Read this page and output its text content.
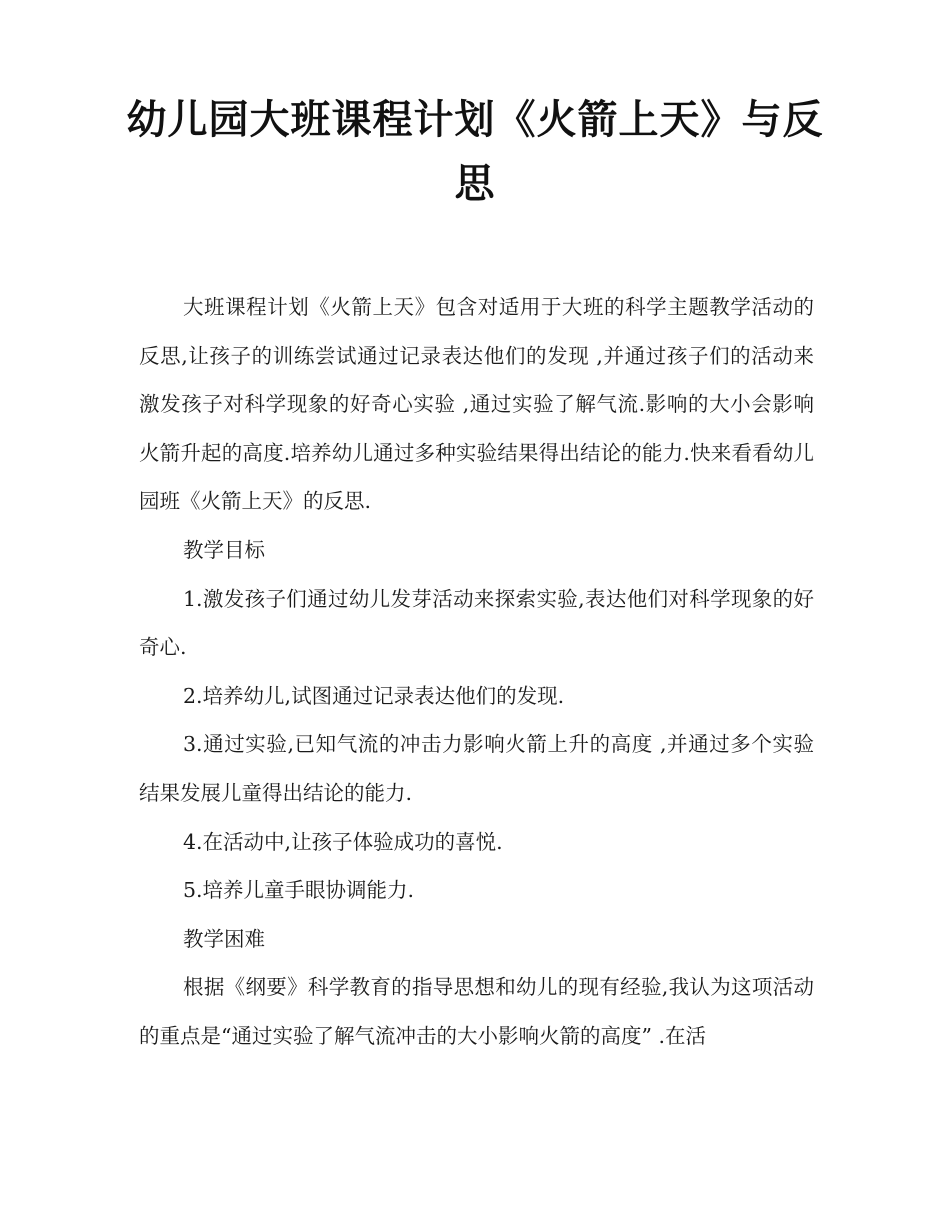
幼儿园大班课程计划《火箭上天》与反思

大班课程计划《火箭上天》包含对适用于大班的科学主题教学活动的反思,让孩子的训练尝试通过记录表达他们的发现 ,并通过孩子们的活动来激发孩子对科学现象的好奇心实验 ,通过实验了解气流.影响的大小会影响火箭升起的高度.培养幼儿通过多种实验结果得出结论的能力.快来看看幼儿园班《火箭上天》的反思.

教学目标

1.激发孩子们通过幼儿发芽活动来探索实验,表达他们对科学现象的好奇心.

2.培养幼儿,试图通过记录表达他们的发现.

3.通过实验,已知气流的冲击力影响火箭上升的高度 ,并通过多个实验结果发展儿童得出结论的能力.

4.在活动中,让孩子体验成功的喜悦.

5.培养儿童手眼协调能力.

教学困难

根据《纲要》科学教育的指导思想和幼儿的现有经验,我认为这项活动的重点是“通过实验了解气流冲击的大小影响火箭的高度” .在活
